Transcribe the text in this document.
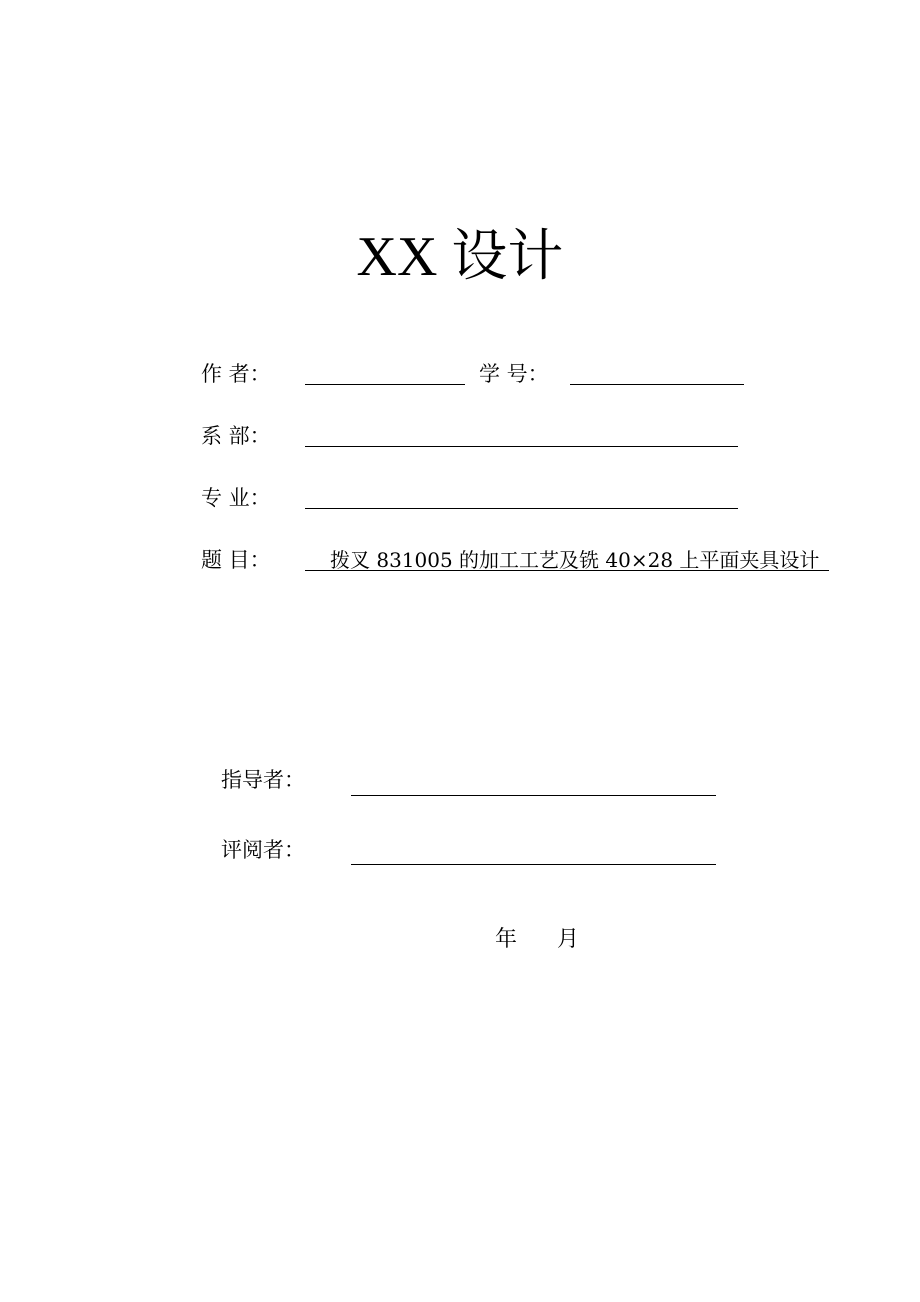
XX 设计
作 者：	学 号：
系 部：
专 业：
题 目：	拨叉 831005 的加工工艺及铣 40×28 上平面夹具设计
指导者：
评阅者：
年 月
